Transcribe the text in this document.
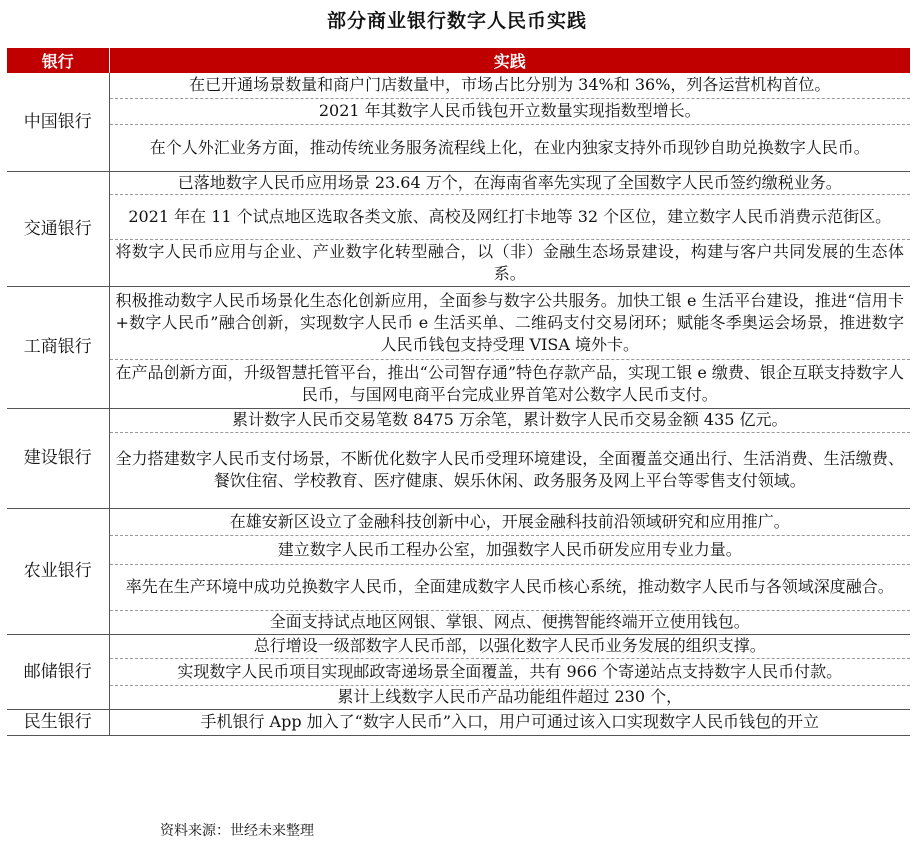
部分商业银行数字人民币实践
银行	实践
中国银行	在已开通场景数量和商户门店数量中，市场占比分别为 34%和 36%，列各运营机构首位。
	2021 年其数字人民币钱包开立数量实现指数型增长。
	在个人外汇业务方面，推动传统业务服务流程线上化，在业内独家支持外币现钞自助兑换数字人民币。
交通银行	已落地数字人民币应用场景 23.64 万个，在海南省率先实现了全国数字人民币签约缴税业务。
	2021 年在 11 个试点地区选取各类文旅、高校及网红打卡地等 32 个区位，建立数字人民币消费示范街区。
	将数字人民币应用与企业、产业数字化转型融合，以（非）金融生态场景建设，构建与客户共同发展的生态体系。
工商银行	积极推动数字人民币场景化生态化创新应用，全面参与数字公共服务。加快工银 e 生活平台建设，推进“信用卡+数字人民币”融合创新，实现数字人民币 e 生活买单、二维码支付交易闭环；赋能冬季奥运会场景，推进数字人民币钱包支持受理 VISA 境外卡。
	在产品创新方面，升级智慧托管平台，推出“公司智存通”特色存款产品，实现工银 e 缴费、银企互联支持数字人民币，与国网电商平台完成业界首笔对公数字人民币支付。
建设银行	累计数字人民币交易笔数 8475 万余笔，累计数字人民币交易金额 435 亿元。
	全力搭建数字人民币支付场景，不断优化数字人民币受理环境建设，全面覆盖交通出行、生活消费、生活缴费、餐饮住宿、学校教育、医疗健康、娱乐休闲、政务服务及网上平台等零售支付领域。
农业银行	在雄安新区设立了金融科技创新中心，开展金融科技前沿领域研究和应用推广。
	建立数字人民币工程办公室，加强数字人民币研发应用专业力量。
	率先在生产环境中成功兑换数字人民币，全面建成数字人民币核心系统，推动数字人民币与各领域深度融合。
	全面支持试点地区网银、掌银、网点、便携智能终端开立使用钱包。
邮储银行	总行增设一级部数字人民币部，以强化数字人民币业务发展的组织支撑。
	实现数字人民币项目实现邮政寄递场景全面覆盖，共有 966 个寄递站点支持数字人民币付款。
	累计上线数字人民币产品功能组件超过 230 个，
民生银行	手机银行 App 加入了“数字人民币”入口，用户可通过该入口实现数字人民币钱包的开立
资料来源：世经未来整理
